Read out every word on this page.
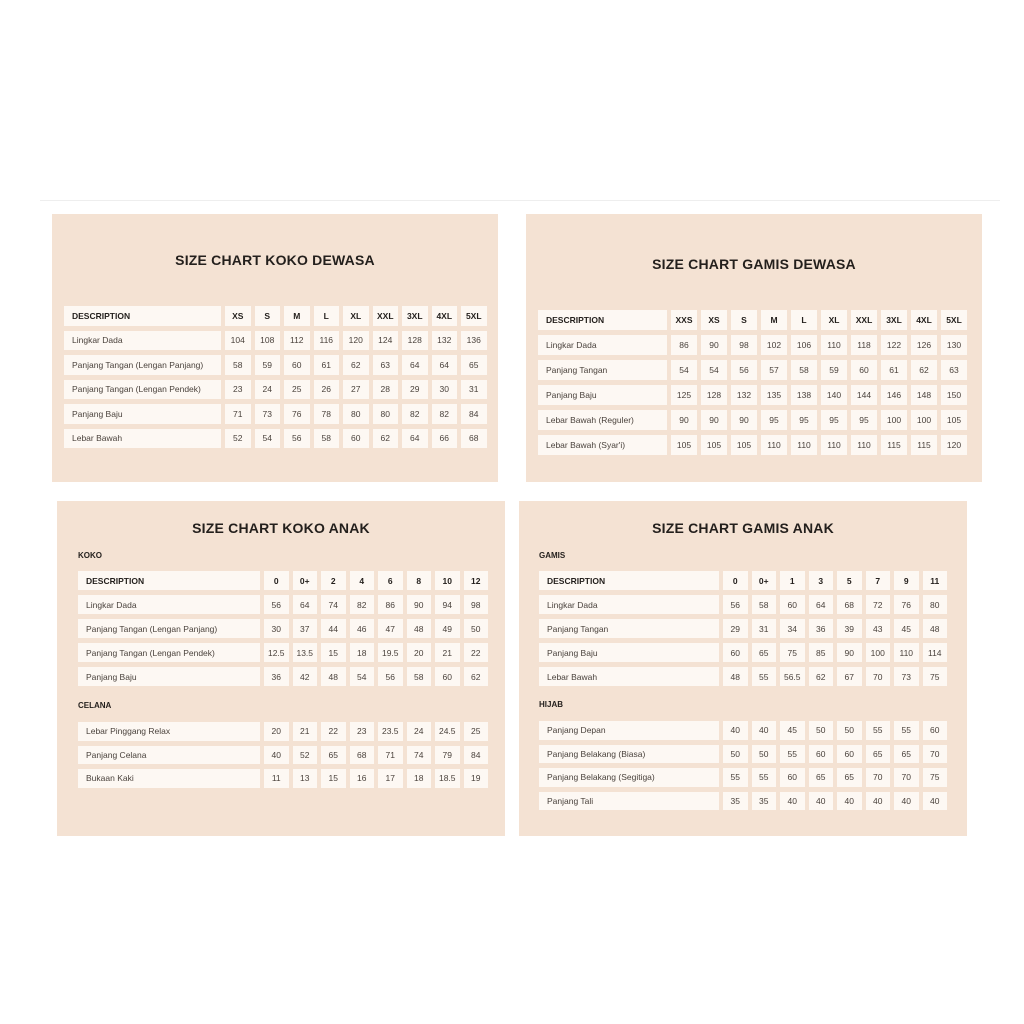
SIZE CHART KOKO DEWASA
DESCRIPTION	XS	S	M	L	XL	XXL	3XL	4XL	5XL
Lingkar Dada	104	108	112	116	120	124	128	132	136
Panjang Tangan (Lengan Panjang)	58	59	60	61	62	63	64	64	65
Panjang Tangan (Lengan Pendek)	23	24	25	26	27	28	29	30	31
Panjang Baju	71	73	76	78	80	80	82	82	84
Lebar Bawah	52	54	56	58	60	62	64	66	68
SIZE CHART GAMIS DEWASA
DESCRIPTION	XXS	XS	S	M	L	XL	XXL	3XL	4XL	5XL
Lingkar Dada	86	90	98	102	106	110	118	122	126	130
Panjang Tangan	54	54	56	57	58	59	60	61	62	63
Panjang Baju	125	128	132	135	138	140	144	146	148	150
Lebar Bawah (Reguler)	90	90	90	95	95	95	95	100	100	105
Lebar Bawah (Syar'i)	105	105	105	110	110	110	110	115	115	120
SIZE CHART KOKO ANAK
KOKO
DESCRIPTION	0	0+	2	4	6	8	10	12
Lingkar Dada	56	64	74	82	86	90	94	98
Panjang Tangan (Lengan Panjang)	30	37	44	46	47	48	49	50
Panjang Tangan (Lengan Pendek)	12.5	13.5	15	18	19.5	20	21	22
Panjang Baju	36	42	48	54	56	58	60	62
CELANA
Lebar Pinggang Relax	20	21	22	23	23.5	24	24.5	25
Panjang Celana	40	52	65	68	71	74	79	84
Bukaan Kaki	11	13	15	16	17	18	18.5	19
SIZE CHART GAMIS ANAK
GAMIS
DESCRIPTION	0	0+	1	3	5	7	9	11
Lingkar Dada	56	58	60	64	68	72	76	80
Panjang Tangan	29	31	34	36	39	43	45	48
Panjang Baju	60	65	75	85	90	100	110	114
Lebar Bawah	48	55	56.5	62	67	70	73	75
HIJAB
Panjang Depan	40	40	45	50	50	55	55	60
Panjang Belakang (Biasa)	50	50	55	60	60	65	65	70
Panjang Belakang (Segitiga)	55	55	60	65	65	70	70	75
Panjang Tali	35	35	40	40	40	40	40	40
